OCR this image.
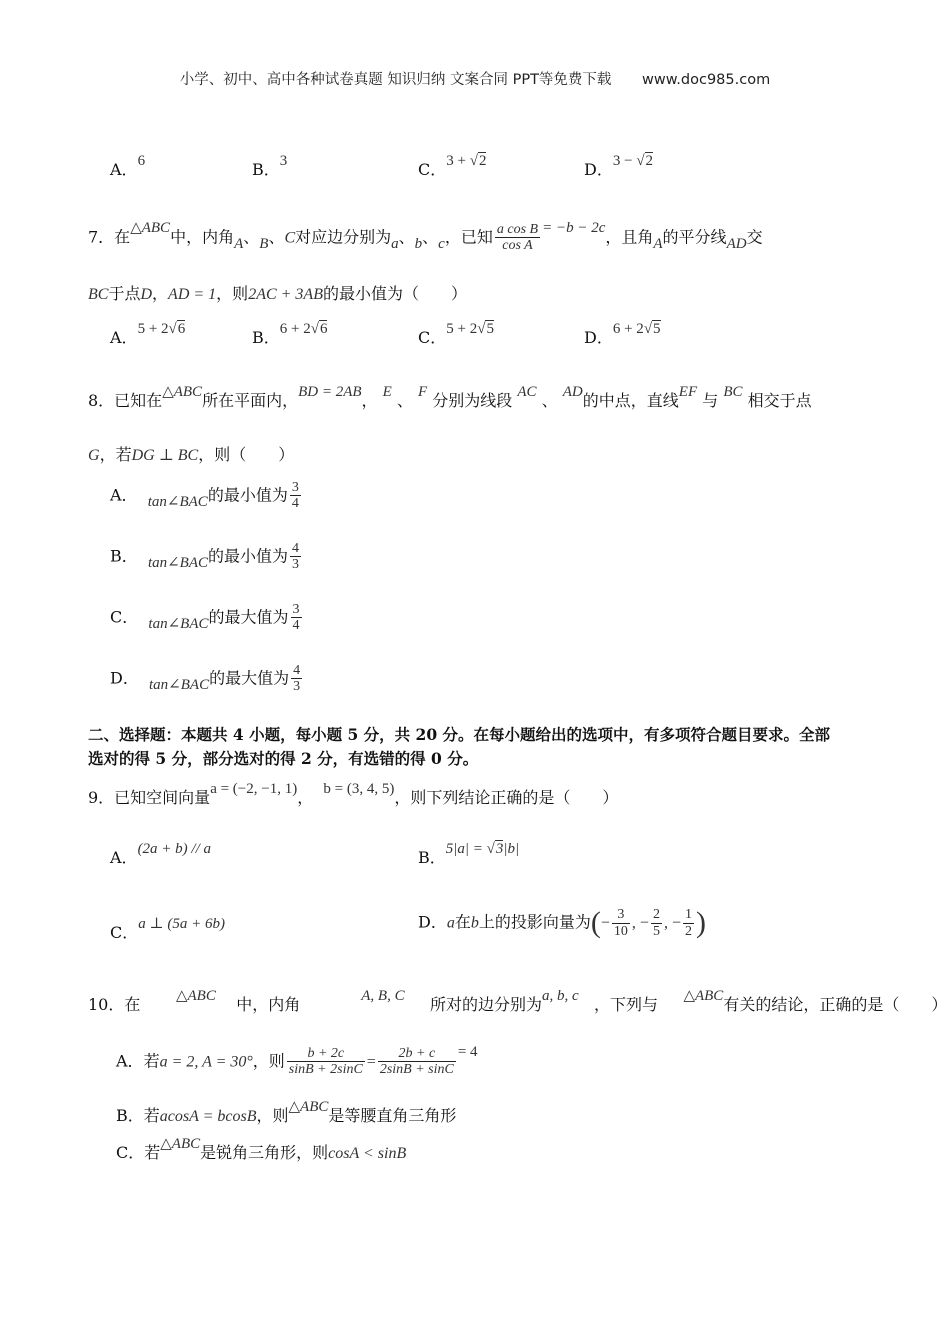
小学、初中、高中各种试卷真题 知识归纳 文案合同 PPT等免费下载 www.doc985.com
A．6	B．3	C．3 + √2	D．3 − √2
7．在△ABC中，内角A、B、C对应边分别为a、b、c，已知 $\frac{\text{a cos B}}{\text{cos A}} = -b - 2c$，且角A的平分线AD交
BC于点D，AD = 1，则2AC + 3AB的最小值为（　　）
A．5 + 2√6	B．6 + 2√6	C．5 + 2√5	D．6 + 2√5
8．已知在△ABC所在平面内，BD = 2AB， E 、 F 分别为线段 AC 、 AD的中点，直线EF 与 BC 相交于点
G，若DG ⊥ BC，则（　　）
A． tan∠BAC的最小值为 $\frac{3}{4}$
B． tan∠BAC的最小值为 $\frac{4}{3}$
C． tan∠BAC的最大值为 $\frac{3}{4}$
D． tan∠BAC的最大值为 $\frac{4}{3}$
二、选择题：本题共 4 小题，每小题 5 分，共 20 分。在每小题给出的选项中，有多项符合题目要求。全部
选对的得 5 分，部分选对的得 2 分，有选错的得 0 分。
9．已知空间向量a = (−2, −1, 1)， b = (3, 4, 5)，则下列结论正确的是（　　）
A．(2a + b) // a	B．5|a| = √3|b|
C．a ⊥ (5a + 6b)	D．a在b上的投影向量为(− $\frac{3}{10}$ , − $\frac{2}{5}$ , − $\frac{1}{2}$ )
10．在 △ABC 中，内角	A, B, C 所对的边分别为a, b, c ，下列与 △ABC有关的结论，正确的是（　　）
A．若a = 2, A = 30°，则 $\frac{b + 2c}{\sin B + 2\sin C} = \frac{2b + c}{2\sin B + \sin C} = 4$
B．若acosA = bcosB，则△ABC是等腰直角三角形
C．若△ABC是锐角三角形，则cosA < sinB
